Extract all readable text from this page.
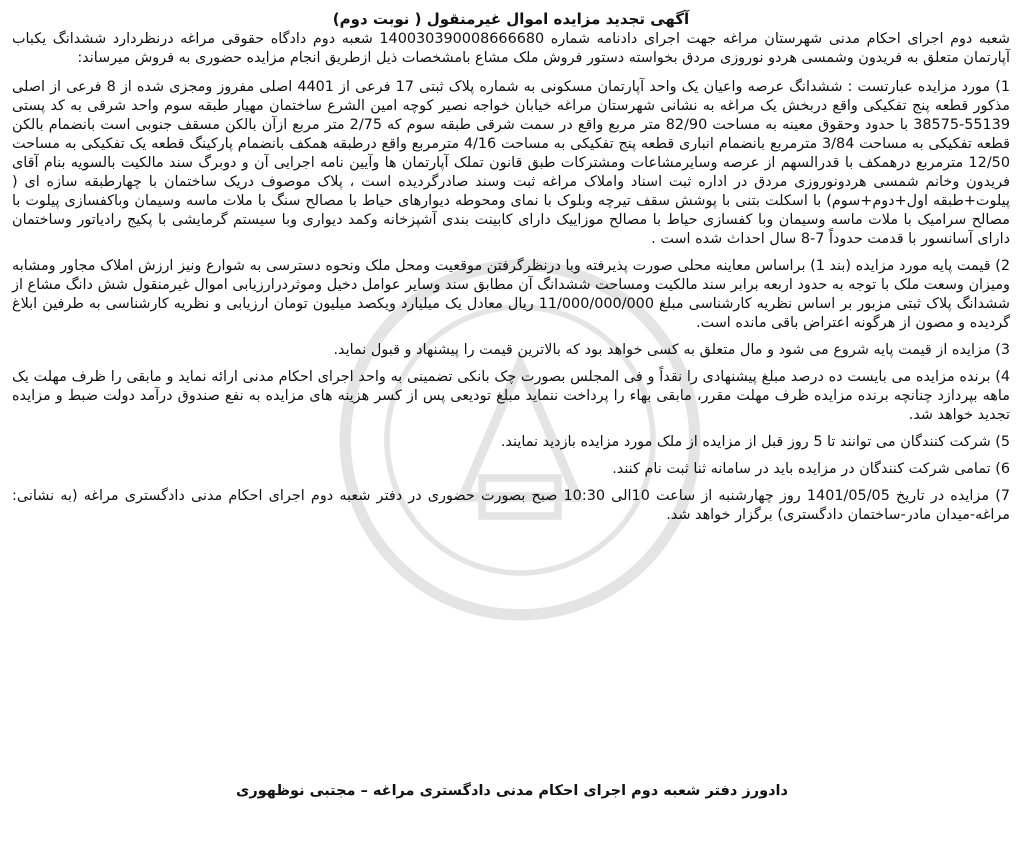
آگهی تجدید مزایده اموال غیرمنقول ( نوبت دوم)

شعبه دوم اجرای احکام مدنی شهرستان مراغه جهت اجرای دادنامه شماره 14003039000866668​0 شعبه دوم دادگاه حقوقی مراغه درنظردارد ششدانگ یکباب آپارتمان متعلق به فریدون وشمسی هردو نوروزی مردق بخواسته دستور فروش ملک مشاع بامشخصات ذیل ازطریق انجام مزایده حضوری به فروش میرساند:

1) مورد مزایده عبارتست : ششدانگ عرصه واعیان یک واحد آپارتمان مسکونی به شماره پلاک ثبتی 17 فرعی از 4401 اصلی مفروز ومجزی شده از 8 فرعی از اصلی مذکور قطعه پنج تفکیکی واقع دربخش یک مراغه به نشانی شهرستان مراغه خیابان خواجه نصیر کوچه امین الشرع ساختمان مهیار طبقه سوم واحد شرقی به کد پستی 5513​9-38575 با حدود وحقوق معینه به مساحت 82/90 متر مربع واقع در سمت شرقی طبقه سوم که 2/75 متر مربع ازآن بالکن مسقف جنوبی است بانضمام بالکن قطعه تفکیکی به مساحت 3/84 مترمربع بانضمام انباری قطعه پنج تفکیکی به مساحت 4/16 مترمربع واقع درطبقه همکف بانضمام پارکینگ قطعه یک تفکیکی به مساحت 12/50 مترمربع درهمکف با قدرالسهم از عرصه وسایرمشاعات ومشترکات طبق قانون تملک آپارتمان ها وآیین نامه اجرایی آن و دوبرگ سند مالکیت بالسویه بنام آقای فریدون وخانم شمسی هردونوروزی مردق در اداره ثبت اسناد واملاک مراغه ثبت وسند صادرگردیده است ، پلاک موصوف دریک ساختمان با چهارطبقه سازه ای ( پیلوت+طبقه اول+دوم+سوم) با اسکلت بتنی با پوشش سقف تیرچه وبلوک با نمای ومحوطه دیوارهای حیاط با مصالح سنگ با ملات ماسه وسیمان وباکفسازی پیلوت با مصالح سرامیک با ملات ماسه وسیمان وبا کفسازی حیاط با مصالح موزاییک دارای کابینت بندی آشپزخانه وکمد دیواری وبا سیستم گرمایشی با پکیج رادیاتور وساختمان دارای آسانسور با قدمت حدوداً 7-8 سال احداث شده است .

2) قیمت پایه مورد مزایده (بند 1) براساس معاینه محلی صورت پذیرفته وبا درنظرگرفتن موقعیت ومحل ملک ونحوه دسترسی به شوارع ونیز ارزش املاک مجاور ومشابه ومیزان وسعت ملک با توجه به حدود اربعه برابر سند مالکیت ومساحت ششدانگ آن مطابق سند وسایر عوامل دخیل وموثردرارزیابی اموال غیرمنقول شش دانگ مشاع از ششدانگ پلاک ثبتی مزبور بر اساس نظریه کارشناسی مبلغ 11/000/000/000 ریال معادل یک میلیارد ویکصد میلیون تومان ارزیابی و نظریه کارشناسی به طرفین ابلاغ گردیده و مصون از هرگونه اعتراض باقی مانده است.

3) مزایده از قیمت پایه شروع می شود و مال متعلق به کسی خواهد بود که بالاترین قیمت را پیشنهاد و قبول نماید.

4) برنده مزایده می بایست ده درصد مبلغ پیشنهادی را نقداً و فی المجلس بصورت چک بانکی تضمینی به واحد اجرای احکام مدنی ارائه نماید و مابقی را ظرف مهلت یک ماهه بپردازد چنانچه برنده مزایده ظرف مهلت مقرر، مابقی بهاء را پرداخت ننماید مبلغ تودیعی پس از کسر هزینه های مزایده به نفع صندوق درآمد دولت ضبط و مزایده تجدید خواهد شد.

5) شرکت کنندگان می توانند تا 5 روز قبل از مزایده از ملک مورد مزایده بازدید نمایند.

6) تمامی شرکت کنندگان در مزایده باید در سامانه ثنا ثبت نام کنند.

7) مزایده در تاریخ 1401/05/05 روز چهارشنبه از ساعت 10الی 10:30 صبح بصورت حضوری در دفتر شعبه دوم اجرای احکام مدنی دادگستری مراغه (به نشانی: مراغه-میدان مادر-ساختمان دادگستری) برگزار خواهد شد.

دادورز دفتر شعبه دوم اجرای احکام مدنی دادگستری مراغه – مجتبی نوظهوری
